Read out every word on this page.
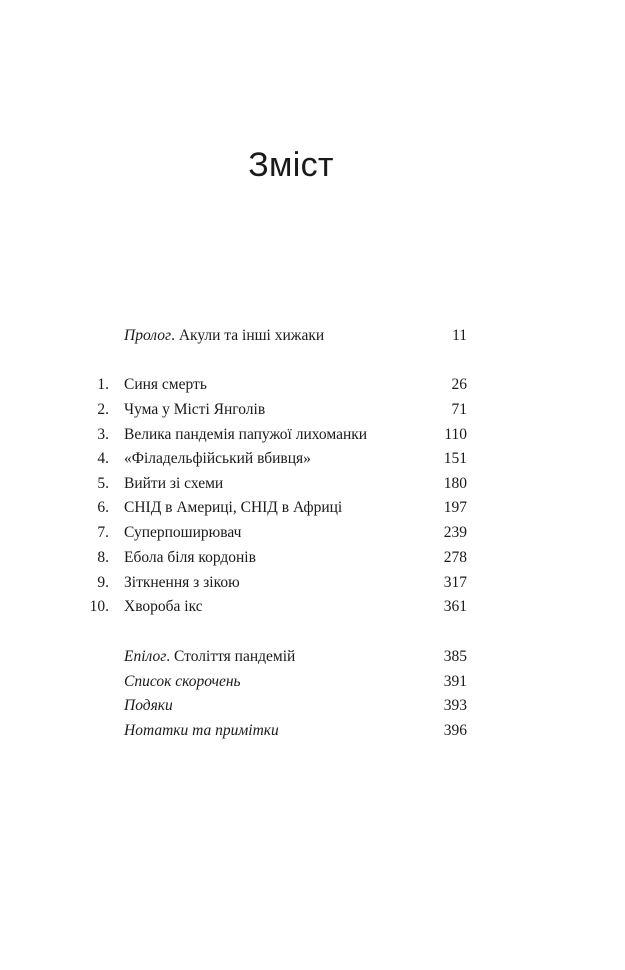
Зміст
Пролог. Акули та інші хижаки	11
1. Синя смерть	26
2. Чума у Місті Янголів	71
3. Велика пандемія папужої лихоманки	110
4. «Філадельфійський вбивця»	151
5. Вийти зі схеми	180
6. СНІД в Америці, СНІД в Африці	197
7. Суперпоширювач	239
8. Ебола біля кордонів	278
9. Зіткнення з зікою	317
10. Хвороба ікс	361
Епілог. Століття пандемій	385
Список скорочень	391
Подяки	393
Нотатки та примітки	396
